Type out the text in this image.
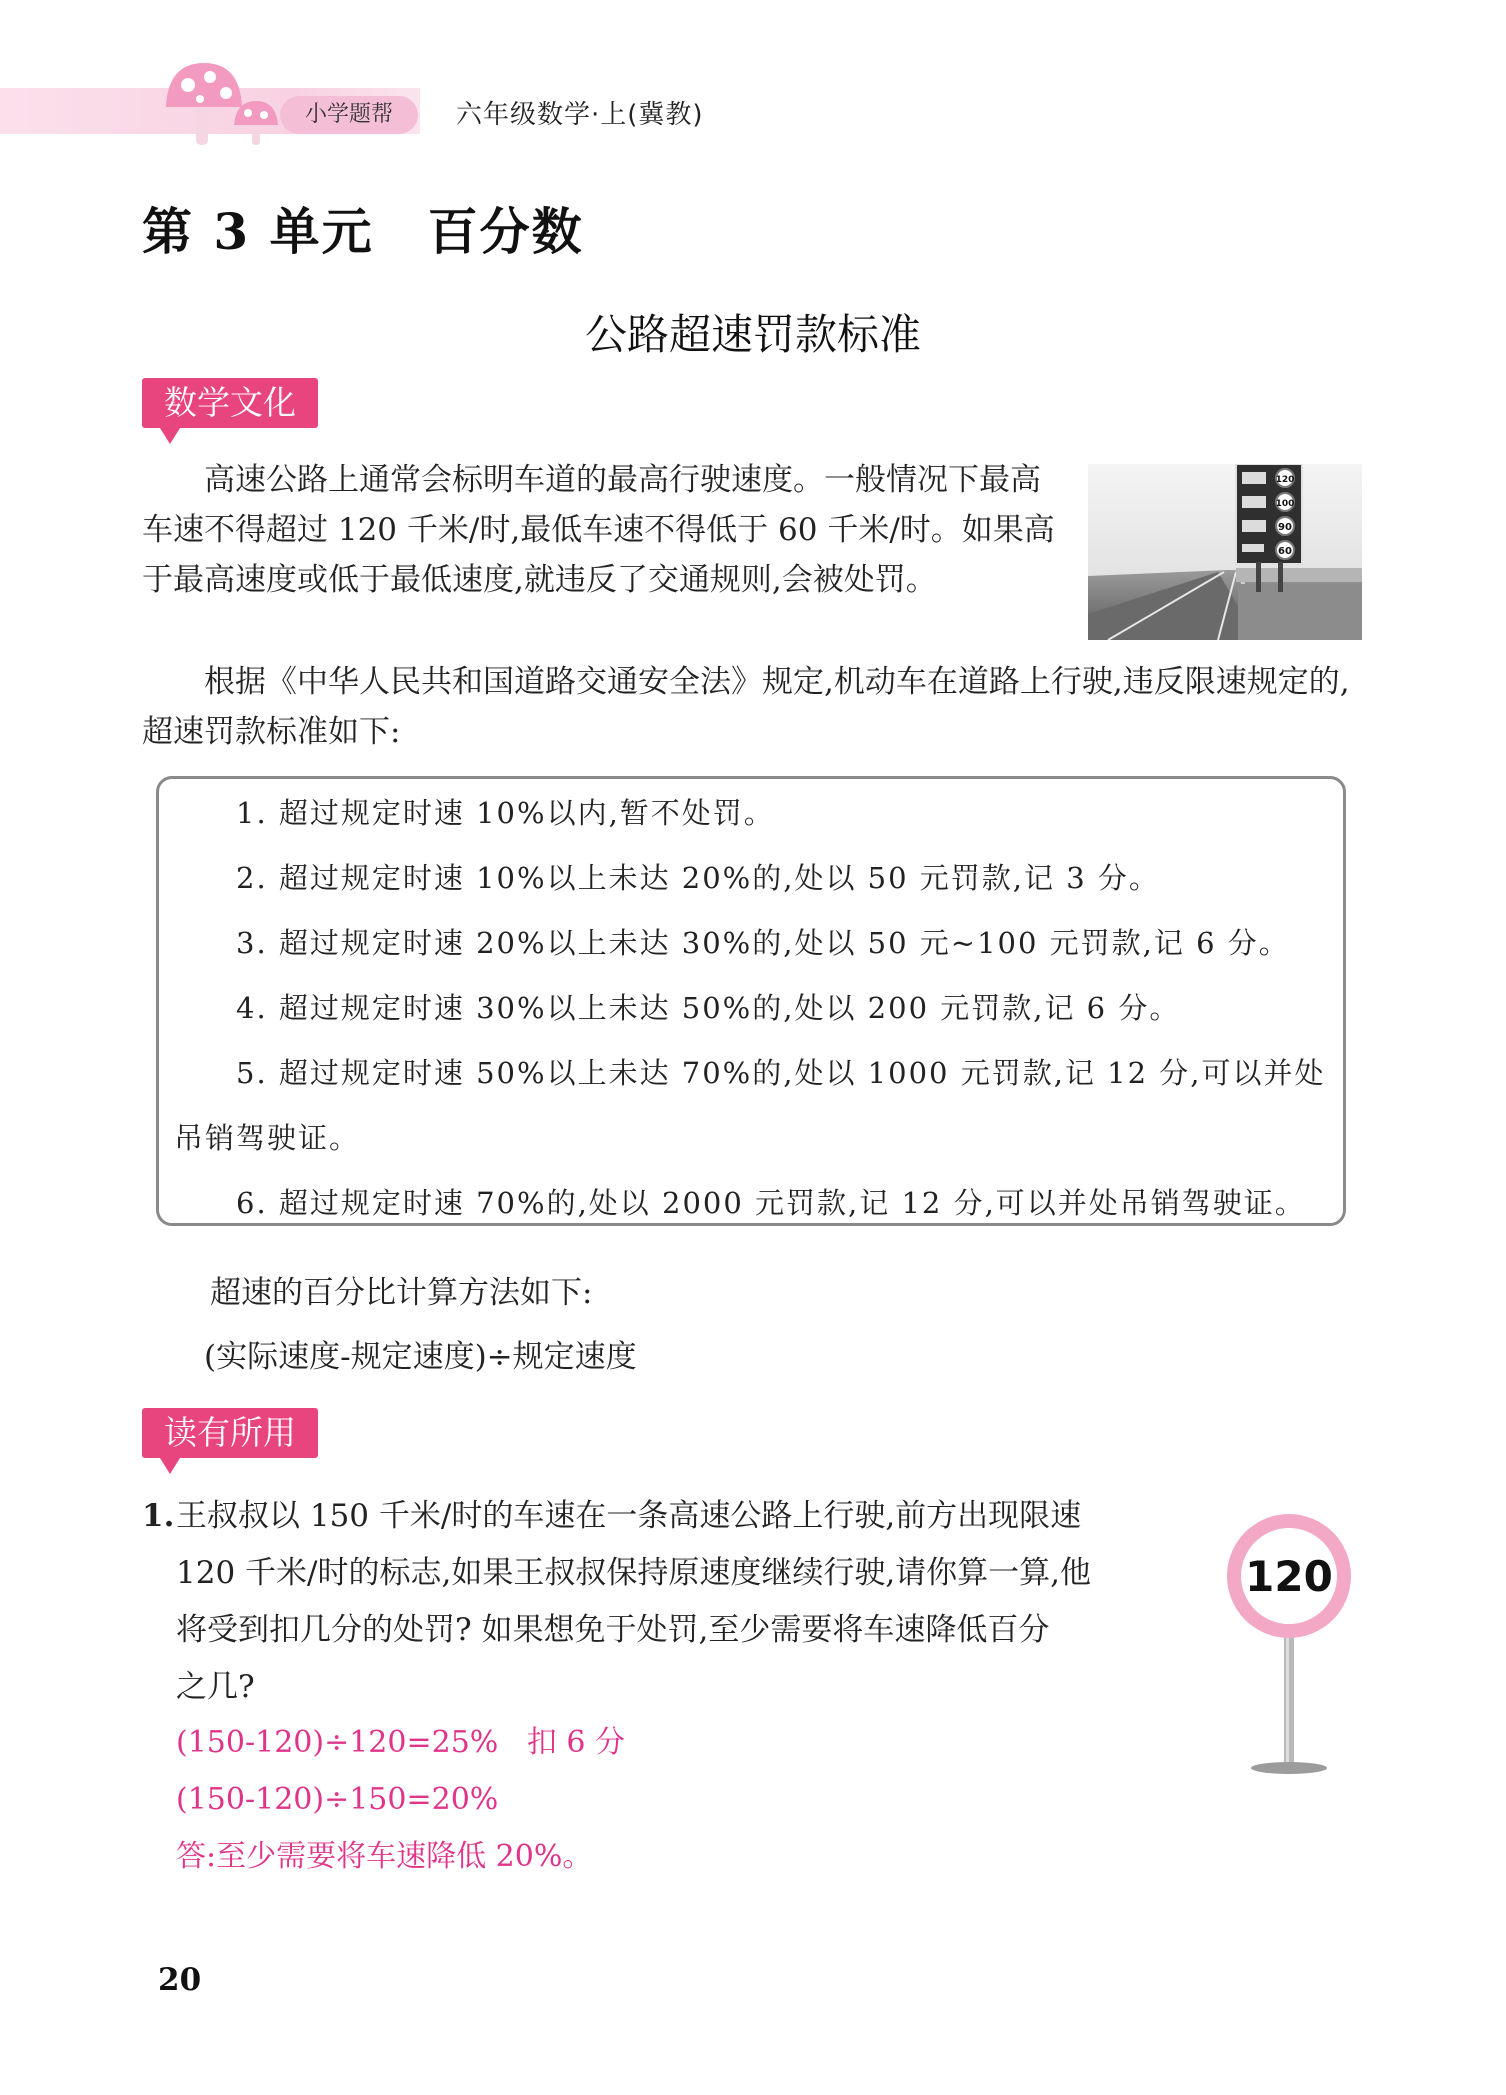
小学题帮	六年级数学·上(冀教)
第 3 单元 百分数
公路超速罚款标准
数学文化

高速公路上通常会标明车道的最高行驶速度。一般情况下最高车速不得超过 120 千米/时,最低车速不得低于 60 千米/时。如果高于最高速度或低于最低速度,就违反了交通规则,会被处罚。

120
100
90
60

根据《中华人民共和国道路交通安全法》规定,机动车在道路上行驶,违反限速规定的,超速罚款标准如下:

1. 超过规定时速 10%以内,暂不处罚。
2. 超过规定时速 10%以上未达 20%的,处以 50 元罚款,记 3 分。
3. 超过规定时速 20%以上未达 30%的,处以 50 元~100 元罚款,记 6 分。
4. 超过规定时速 30%以上未达 50%的,处以 200 元罚款,记 6 分。
5. 超过规定时速 50%以上未达 70%的,处以 1000 元罚款,记 12 分,可以并处
吊销驾驶证。
6. 超过规定时速 70%的,处以 2000 元罚款,记 12 分,可以并处吊销驾驶证。
超速的百分比计算方法如下:
(实际速度-规定速度)÷规定速度
读有所用
1. 王叔叔以 150 千米/时的车速在一条高速公路上行驶,前方出现限速
120 千米/时的标志,如果王叔叔保持原速度继续行驶,请你算一算,他
将受到扣几分的处罚? 如果想免于处罚,至少需要将车速降低百分
之几?
(150-120)÷120=25%   扣 6 分
(150-120)÷150=20%
答:至少需要将车速降低 20%。
120
20
